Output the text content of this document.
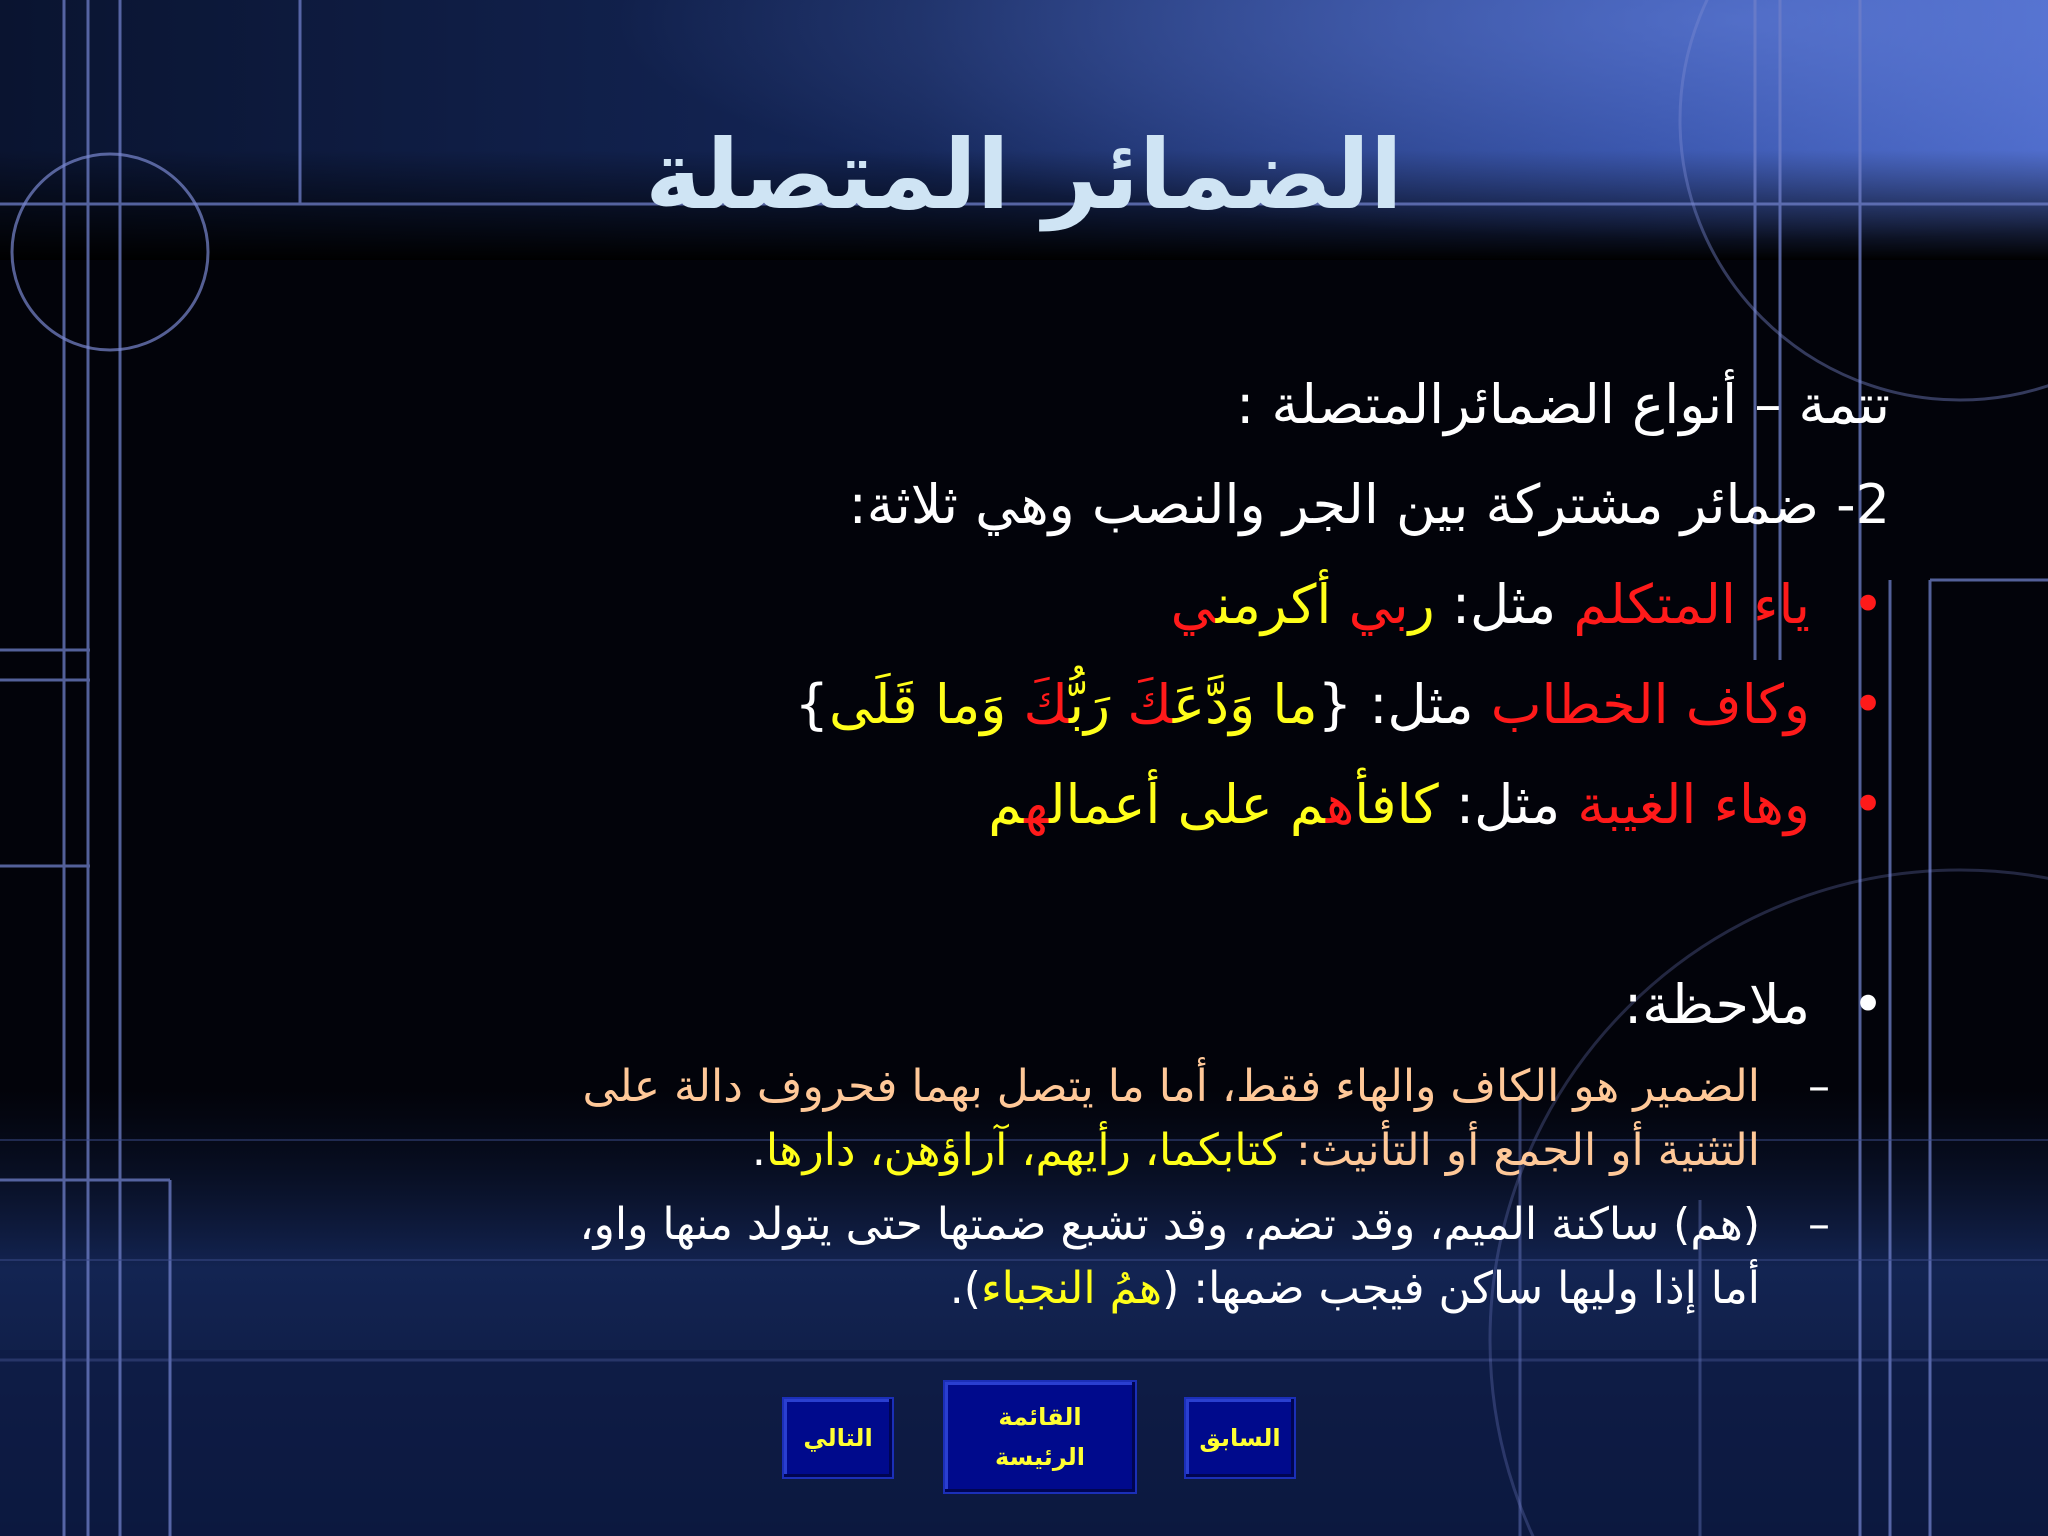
الضمائر المتصلة
تتمة – أنواع الضمائرالمتصلة :
2- ضمائر مشتركة بين الجر والنصب وهي ثلاثة:
•
ياء المتكلم مثل: ربي أكرمني
•
وكاف الخطاب مثل: {ما وَدَّعَكَ رَبُّكَ وَما قَلَى}
•
وهاء الغيبة مثل: كافأهم على أعمالهم
•
ملاحظة:
–
الضمير هو الكاف والهاء فقط، أما ما يتصل بهما فحروف دالة على
التثنية أو الجمع أو التأنيث: كتابكما، رأيهم، آراؤهن، دارها.
–
(هم) ساكنة الميم، وقد تضم، وقد تشبع ضمتها حتى يتولد منها واو،
أما إذا وليها ساكن فيجب ضمها: (همُ النجباء).
التالي
القائمة
الرئيسة
السابق
